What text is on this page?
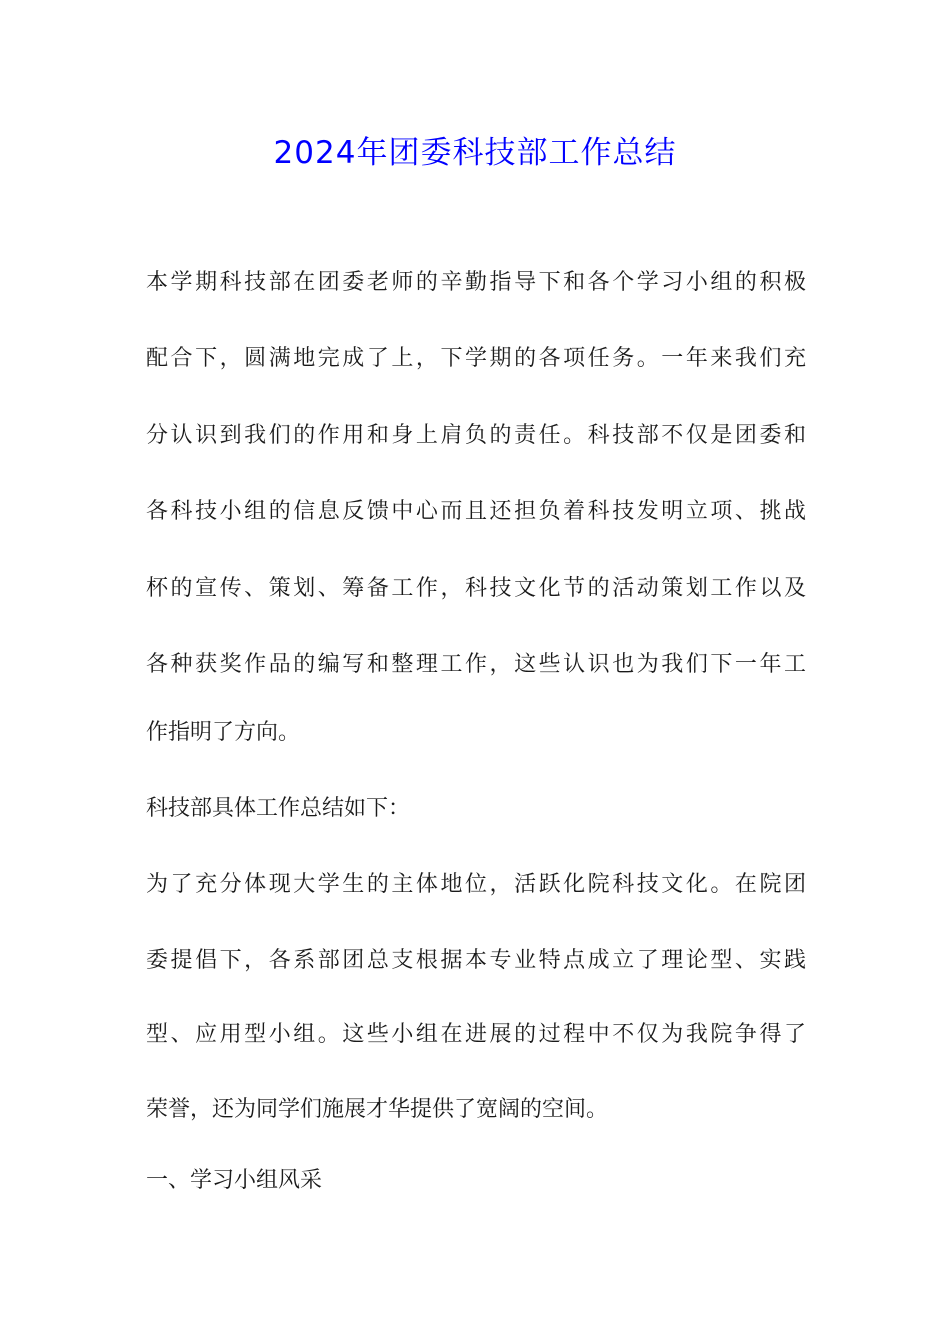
2024年团委科技部工作总结
本学期科技部在团委老师的辛勤指导下和各个学习小组的积极
配合下，圆满地完成了上，下学期的各项任务。一年来我们充
分认识到我们的作用和身上肩负的责任。科技部不仅是团委和
各科技小组的信息反馈中心而且还担负着科技发明立项、挑战
杯的宣传、策划、筹备工作，科技文化节的活动策划工作以及
各种获奖作品的编写和整理工作，这些认识也为我们下一年工
作指明了方向。
科技部具体工作总结如下：
为了充分体现大学生的主体地位，活跃化院科技文化。在院团
委提倡下，各系部团总支根据本专业特点成立了理论型、实践
型、应用型小组。这些小组在进展的过程中不仅为我院争得了
荣誉，还为同学们施展才华提供了宽阔的空间。
一、学习小组风采
